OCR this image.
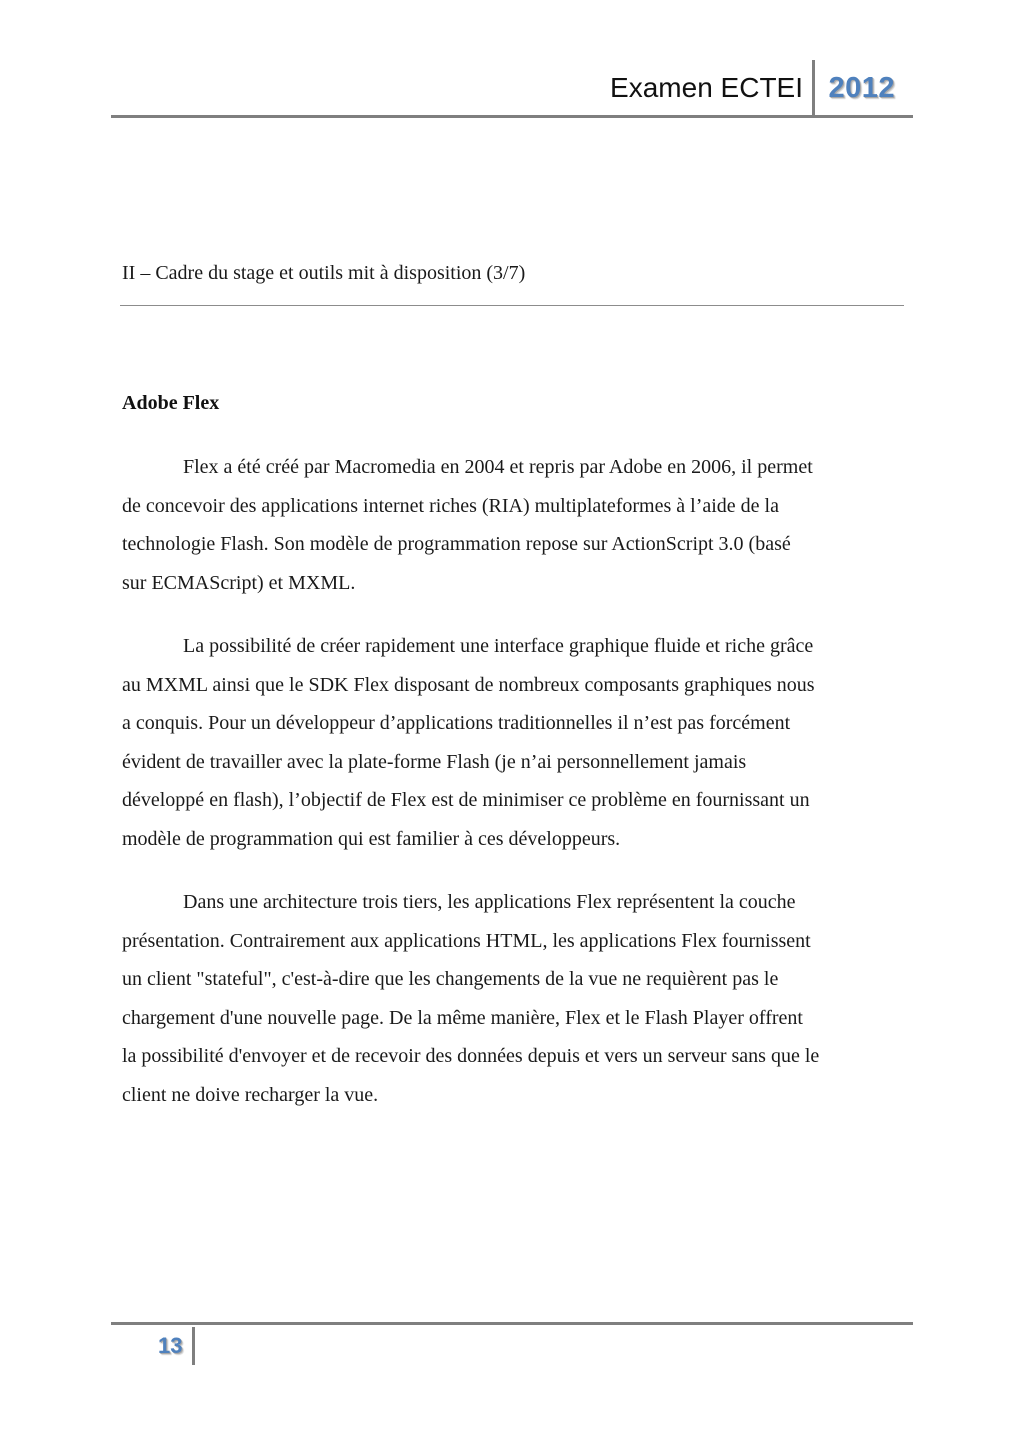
Examen ECTEI 2012
II – Cadre du stage et outils mit à disposition (3/7)
Adobe Flex

Flex a été créé par Macromedia en 2004 et repris par Adobe en 2006, il permet
de concevoir des applications internet riches (RIA) multiplateformes à l’aide de la
technologie Flash. Son modèle de programmation repose sur ActionScript 3.0 (basé
sur ECMAScript) et MXML.

La possibilité de créer rapidement une interface graphique fluide et riche grâce
au MXML ainsi que le SDK Flex disposant de nombreux composants graphiques nous
a conquis. Pour un développeur d’applications traditionnelles il n’est pas forcément
évident de travailler avec la plate-forme Flash (je n’ai personnellement jamais
développé en flash), l’objectif de Flex est de minimiser ce problème en fournissant un
modèle de programmation qui est familier à ces développeurs.

Dans une architecture trois tiers, les applications Flex représentent la couche
présentation. Contrairement aux applications HTML, les applications Flex fournissent
un client "stateful", c'est-à-dire que les changements de la vue ne requièrent pas le
chargement d'une nouvelle page. De la même manière, Flex et le Flash Player offrent
la possibilité d'envoyer et de recevoir des données depuis et vers un serveur sans que le
client ne doive recharger la vue.

13
